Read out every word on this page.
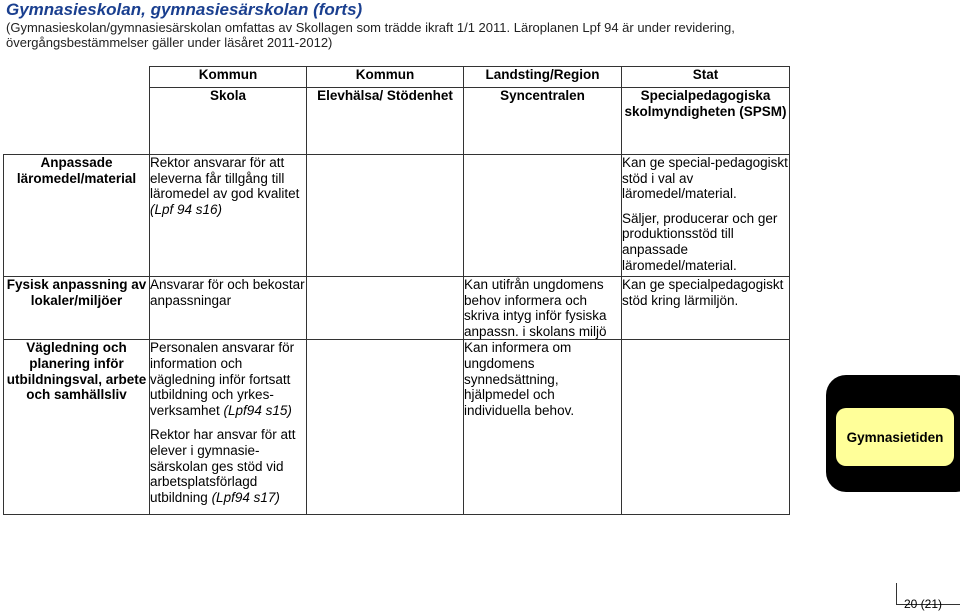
Gymnasieskolan, gymnasiesärskolan (forts)

(Gymnasieskolan/gymnasiesärskolan omfattas av Skollagen som trädde ikraft 1/1 2011. Läroplanen Lpf 94 är under revidering,

övergångsbestämmelser gäller under läsåret 2011-2012)

	Kommun	Kommun	Landsting/Region	Stat
	Skola	Elevhälsa/ Stödenhet	Syncentralen	Specialpedagogiska skolmyndigheten (SPSM)
Anpassade läromedel/material	Rektor ansvarar för att eleverna får tillgång till läromedel av god kvalitet (Lpf 94 s16)			Kan ge special-pedagogiskt stöd i val av läromedel/material.
Säljer, producerar och ger produktionsstöd till anpassade läromedel/material.

Fysisk anpassning av lokaler/miljöer	Ansvarar för och bekostar anpassningar		Kan utifrån ungdomens behov informera och skriva intyg inför fysiska anpassn. i skolans miljö	Kan ge specialpedagogiskt stöd kring lärmiljön.
Vägledning och planering inför utbildningsval, arbete och samhällsliv	Personalen ansvarar för information och vägledning inför fortsatt utbildning och yrkes-verksamhet (Lpf94 s15)
Rektor har ansvar för att elever i gymnasie-särskolan ges stöd vid arbetsplatsförlagd utbildning (Lpf94 s17)		Kan informera om ungdomens synnedsättning, hjälpmedel och individuella behov.	
Gymnasietiden
20 (21)
